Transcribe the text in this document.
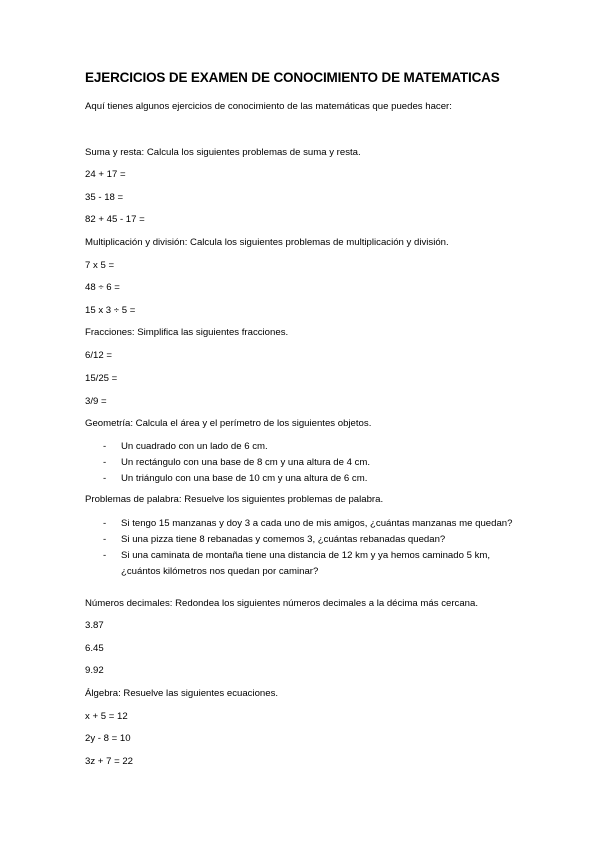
EJERCICIOS DE EXAMEN DE CONOCIMIENTO DE MATEMATICAS
Aquí tienes algunos ejercicios de conocimiento de las matemáticas que puedes hacer:
Suma y resta: Calcula los siguientes problemas de suma y resta.
24 + 17 =
35 - 18 =
82 + 45 - 17 =
Multiplicación y división: Calcula los siguientes problemas de multiplicación y división.
7 x 5 =
48 ÷ 6 =
15 x 3 ÷ 5 =
Fracciones: Simplifica las siguientes fracciones.
6/12 =
15/25 =
3/9 =
Geometría: Calcula el área y el perímetro de los siguientes objetos.
- Un cuadrado con un lado de 6 cm.
- Un rectángulo con una base de 8 cm y una altura de 4 cm.
- Un triángulo con una base de 10 cm y una altura de 6 cm.
Problemas de palabra: Resuelve los siguientes problemas de palabra.
- Si tengo 15 manzanas y doy 3 a cada uno de mis amigos, ¿cuántas manzanas me quedan?
- Si una pizza tiene 8 rebanadas y comemos 3, ¿cuántas rebanadas quedan?
- Si una caminata de montaña tiene una distancia de 12 km y ya hemos caminado 5 km, ¿cuántos kilómetros nos quedan por caminar?
Números decimales: Redondea los siguientes números decimales a la décima más cercana.
3.87
6.45
9.92
Álgebra: Resuelve las siguientes ecuaciones.
x + 5 = 12
2y - 8 = 10
3z + 7 = 22
